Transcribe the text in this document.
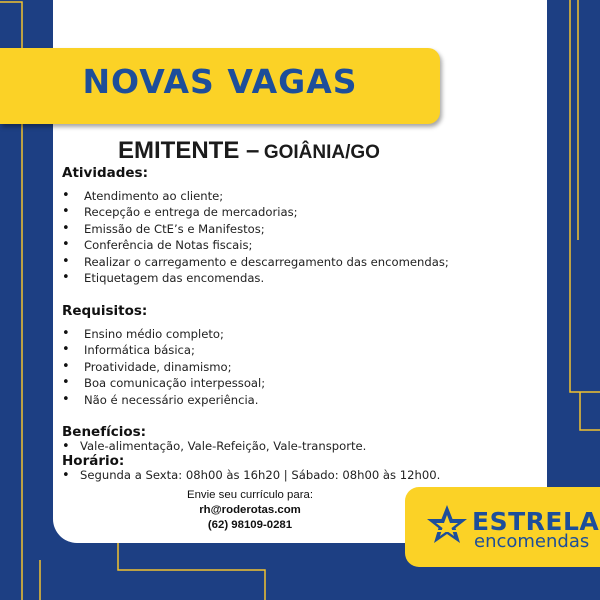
NOVAS VAGAS
EMITENTE – GOIÂNIA/GO
Atividades:
• Atendimento ao cliente;
• Recepção e entrega de mercadorias;
• Emissão de CtE’s e Manifestos;
• Conferência de Notas fiscais;
• Realizar o carregamento e descarregamento das encomendas;
• Etiquetagem das encomendas.
Requisitos:
• Ensino médio completo;
• Informática básica;
• Proatividade, dinamismo;
• Boa comunicação interpessoal;
• Não é necessário experiência.
Benefícios:
• Vale-alimentação, Vale-Refeição, Vale-transporte.
Horário:
• Segunda a Sexta: 08h00 às 16h20 | Sábado: 08h00 às 12h00.
Envie seu currículo para:
rh@roderotas.com
(62) 98109-0281	ESTRELA
encomendas
